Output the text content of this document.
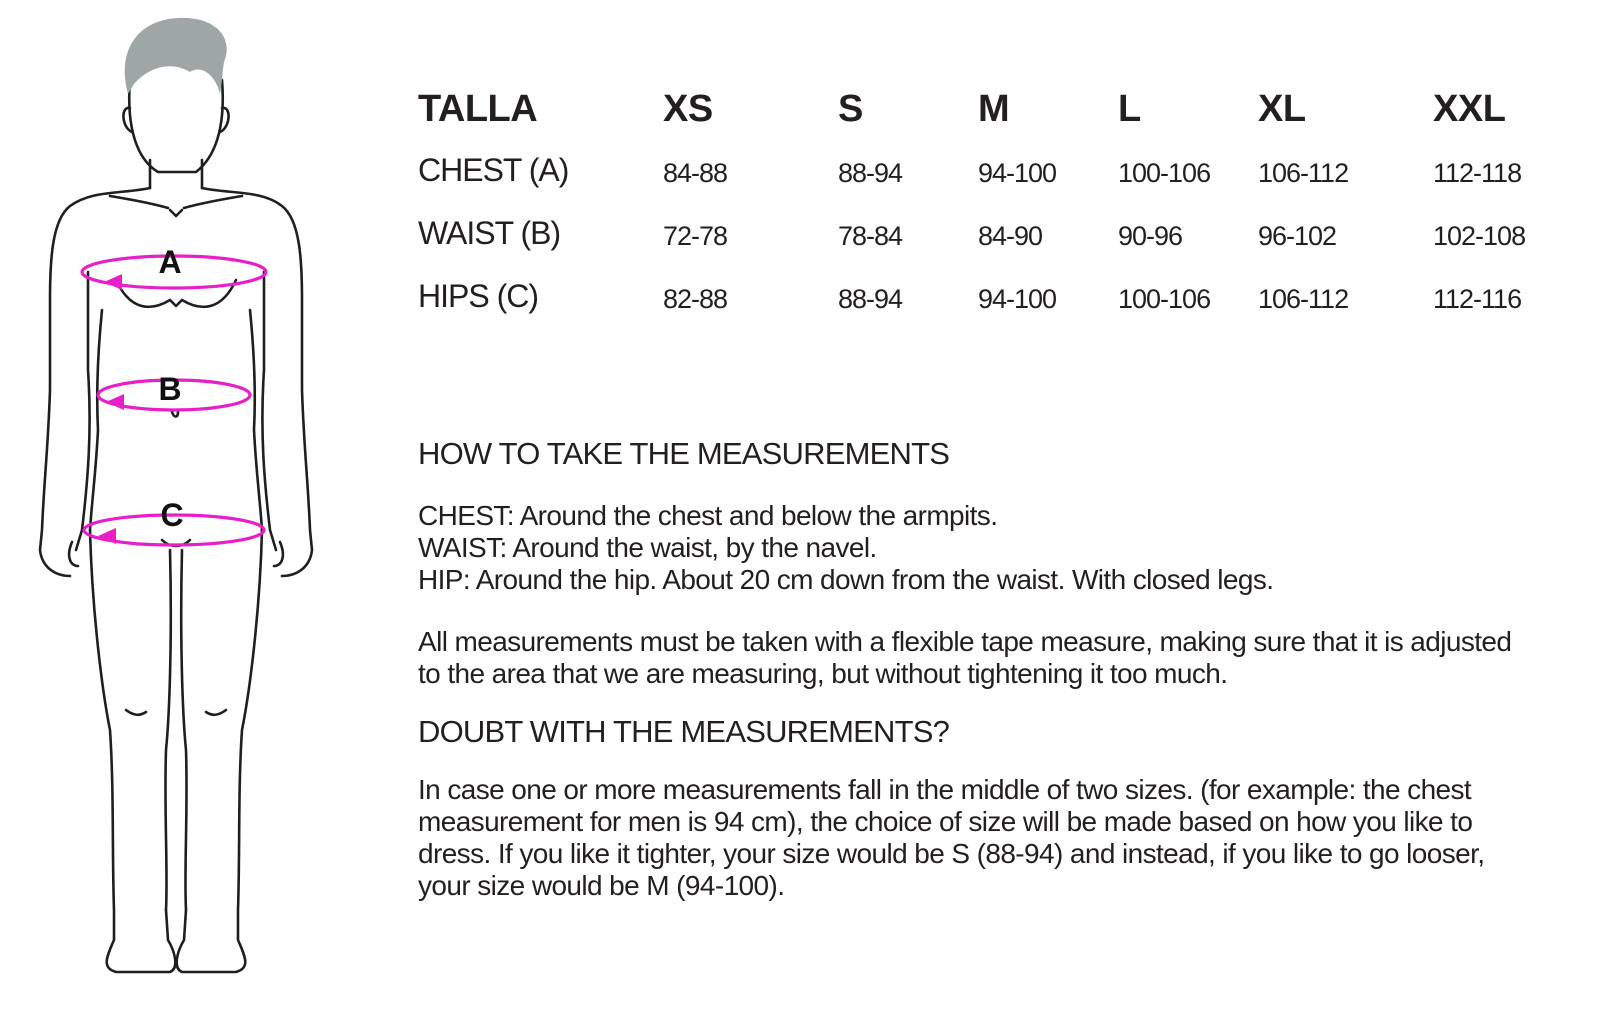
A
B
C
TALLA	XS	S	M	L	XL	XXL
CHEST (A)	84-88	88-94	94-100 100-106 106-112	112-118
WAIST (B)	72-78	78-84	84-90	90-96	96-102	102-108
HIPS (C)	82-88	88-94	94-100 100-106 106-112	112-116
HOW TO TAKE THE MEASUREMENTS

CHEST: Around the chest and below the armpits.

WAIST: Around the waist, by the navel.

HIP: Around the hip. About 20 cm down from the waist. With closed legs.

All measurements must be taken with a flexible tape measure, making sure that it is adjusted to the area that we are measuring, but without tightening it too much.

DOUBT WITH THE MEASUREMENTS?

In case one or more measurements fall in the middle of two sizes. (for example: the chest measurement for men is 94 cm), the choice of size will be made based on how you like to dress. If you like it tighter, your size would be S (88-94) and instead, if you like to go looser, your size would be M (94-100).
